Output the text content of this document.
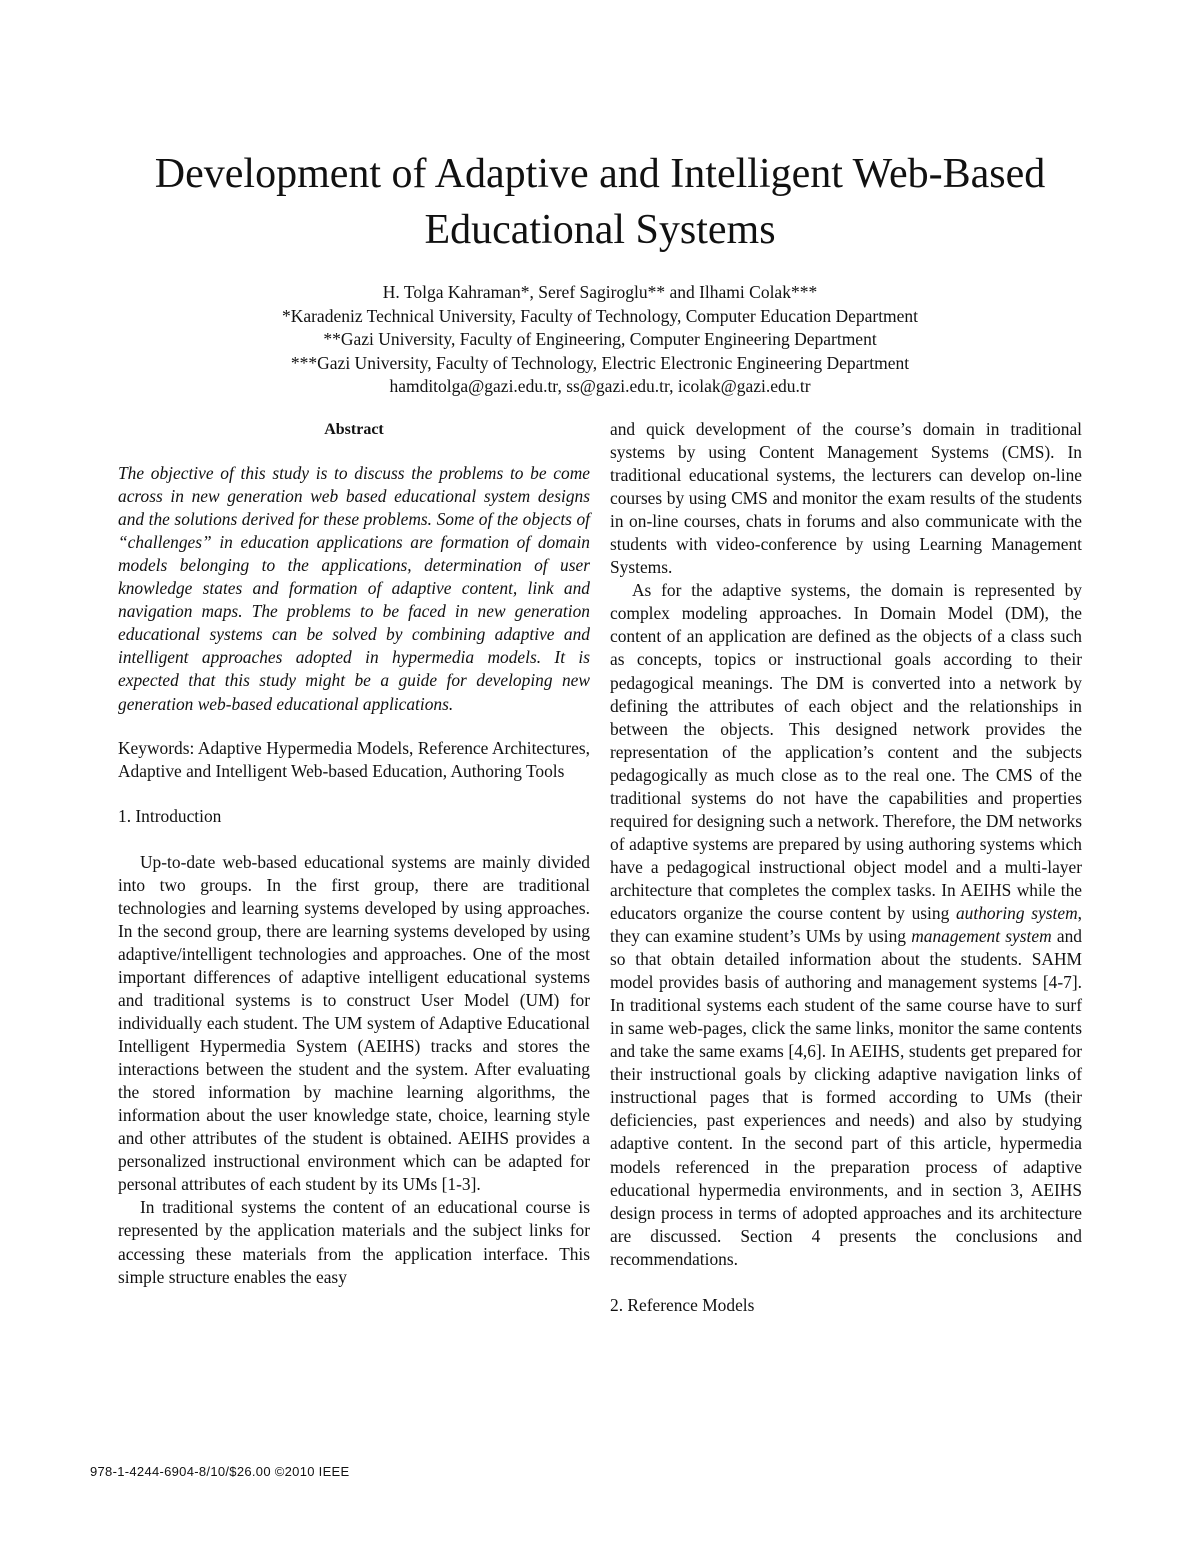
Development of Adaptive and Intelligent Web-Based Educational Systems
H. Tolga Kahraman*, Seref Sagiroglu** and Ilhami Colak***
*Karadeniz Technical University, Faculty of Technology, Computer Education Department
**Gazi University, Faculty of Engineering, Computer Engineering Department
***Gazi University, Faculty of Technology, Electric Electronic Engineering Department
hamditolga@gazi.edu.tr, ss@gazi.edu.tr, icolak@gazi.edu.tr

Abstract

The objective of this study is to discuss the problems to be come across in new generation web based educational system designs and the solutions derived for these problems. Some of the objects of “challenges” in education applications are formation of domain models belonging to the applications, determination of user knowledge states and formation of adaptive content, link and navigation maps. The problems to be faced in new generation educational systems can be solved by combining adaptive and intelligent approaches adopted in hypermedia models. It is expected that this study might be a guide for developing new generation web-based educational applications.

Keywords: Adaptive Hypermedia Models, Reference Architectures, Adaptive and Intelligent Web-based Education, Authoring Tools

1. Introduction

Up-to-date web-based educational systems are mainly divided into two groups. In the first group, there are traditional technologies and learning systems developed by using approaches. In the second group, there are learning systems developed by using adaptive/intelligent technologies and approaches. One of the most important differences of adaptive intelligent educational systems and traditional systems is to construct User Model (UM) for individually each student. The UM system of Adaptive Educational Intelligent Hypermedia System (AEIHS) tracks and stores the interactions between the student and the system. After evaluating the stored information by machine learning algorithms, the information about the user knowledge state, choice, learning style and other attributes of the student is obtained. AEIHS provides a personalized instructional environment which can be adapted for personal attributes of each student by its UMs [1-3].

In traditional systems the content of an educational course is represented by the application materials and the subject links for accessing these materials from the application interface. This simple structure enables the easy

and quick development of the course’s domain in traditional systems by using Content Management Systems (CMS). In traditional educational systems, the lecturers can develop on-line courses by using CMS and monitor the exam results of the students in on-line courses, chats in forums and also communicate with the students with video-conference by using Learning Management Systems.

As for the adaptive systems, the domain is represented by complex modeling approaches. In Domain Model (DM), the content of an application are defined as the objects of a class such as concepts, topics or instructional goals according to their pedagogical meanings. The DM is converted into a network by defining the attributes of each object and the relationships in between the objects. This designed network provides the representation of the application’s content and the subjects pedagogically as much close as to the real one. The CMS of the traditional systems do not have the capabilities and properties required for designing such a network. Therefore, the DM networks of adaptive systems are prepared by using authoring systems which have a pedagogical instructional object model and a multi-layer architecture that completes the complex tasks. In AEIHS while the educators organize the course content by using authoring system, they can examine student’s UMs by using management system and so that obtain detailed information about the students. SAHM model provides basis of authoring and management systems [4-7]. In traditional systems each student of the same course have to surf in same web-pages, click the same links, monitor the same contents and take the same exams [4,6]. In AEIHS, students get prepared for their instructional goals by clicking adaptive navigation links of instructional pages that is formed according to UMs (their deficiencies, past experiences and needs) and also by studying adaptive content. In the second part of this article, hypermedia models referenced in the preparation process of adaptive educational hypermedia environments, and in section 3, AEIHS design process in terms of adopted approaches and its architecture are discussed. Section 4 presents the conclusions and recommendations.

2. Reference Models

978-1-4244-6904-8/10/$26.00 ©2010 IEEE
